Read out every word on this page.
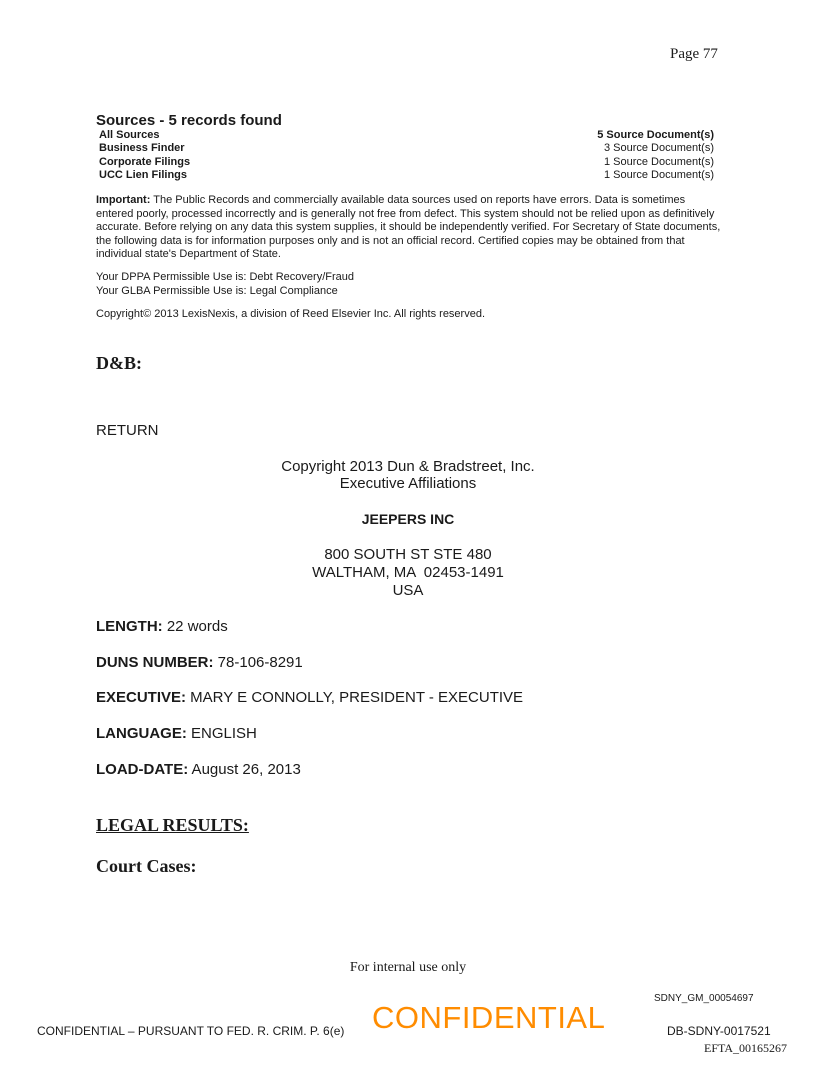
Page 77
Sources - 5 records found
All Sources	5 Source Document(s)
Business Finder	3 Source Document(s)
Corporate Filings	1 Source Document(s)
UCC Lien Filings	1 Source Document(s)
Important: The Public Records and commercially available data sources used on reports have errors. Data is sometimes entered poorly, processed incorrectly and is generally not free from defect. This system should not be relied upon as definitively accurate. Before relying on any data this system supplies, it should be independently verified. For Secretary of State documents, the following data is for information purposes only and is not an official record. Certified copies may be obtained from that individual state's Department of State.
Your DPPA Permissible Use is: Debt Recovery/Fraud
Your GLBA Permissible Use is: Legal Compliance
Copyright© 2013 LexisNexis, a division of Reed Elsevier Inc. All rights reserved.
D&B:
RETURN
Copyright 2013 Dun & Bradstreet, Inc.
Executive Affiliations
JEEPERS INC
800 SOUTH ST STE 480
WALTHAM, MA  02453-1491
USA
LENGTH: 22 words
DUNS NUMBER: 78-106-8291
EXECUTIVE: MARY E CONNOLLY, PRESIDENT - EXECUTIVE
LANGUAGE: ENGLISH
LOAD-DATE: August 26, 2013
LEGAL RESULTS:
Court Cases:
For internal use only
SDNY_GM_00054697
CONFIDENTIAL – PURSUANT TO FED. R. CRIM. P. 6(e) CONFIDENTIAL	DB-SDNY-0017521
EFTA_00165267
